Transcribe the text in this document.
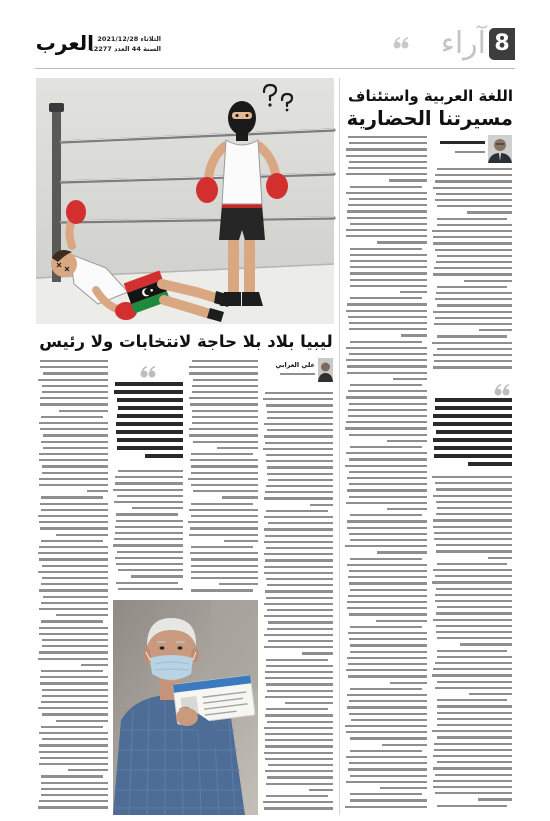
العرب الثلاثاء 2021/12/28
السنة 44 العدد 12277	8
آراء
ليبيا بلاد بلا حاجة لانتخابات ولا رئيس
علي العرابي
اللغة العربية واستئناف
مسيرتنا الحضارية
